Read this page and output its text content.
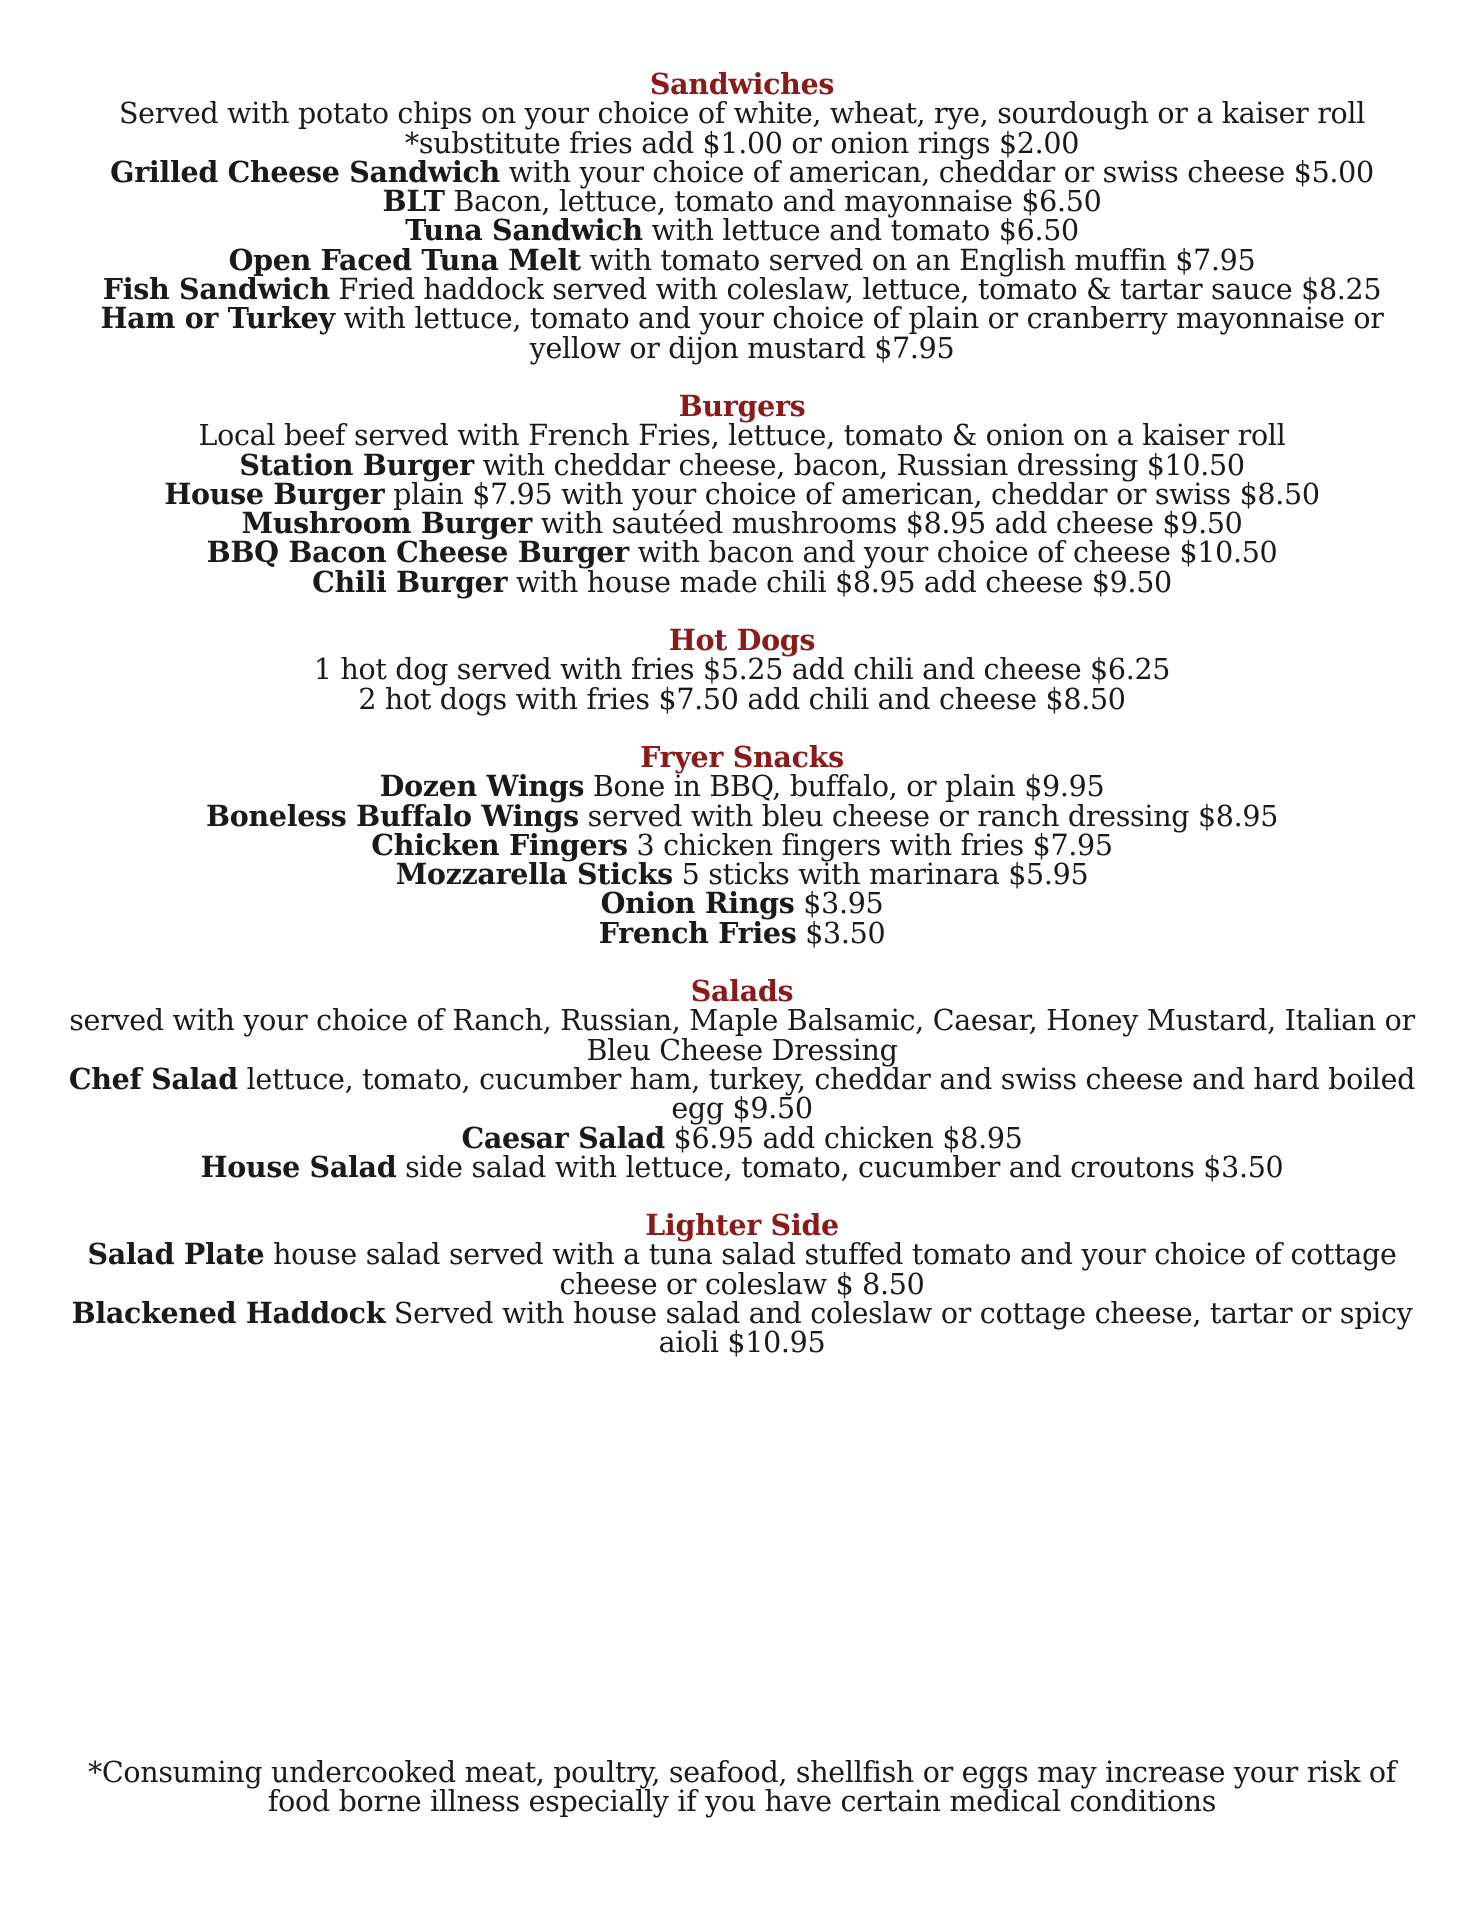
Sandwiches
Served with potato chips on your choice of white, wheat, rye, sourdough or a kaiser roll
*substitute fries add $1.00 or onion rings $2.00
Grilled Cheese Sandwich with your choice of american, cheddar or swiss cheese $5.00
BLT Bacon, lettuce, tomato and mayonnaise $6.50
Tuna Sandwich with lettuce and tomato $6.50
Open Faced Tuna Melt with tomato served on an English muffin $7.95
Fish Sandwich Fried haddock served with coleslaw, lettuce, tomato & tartar sauce $8.25
Ham or Turkey with lettuce, tomato and your choice of plain or cranberry mayonnaise or yellow or dijon mustard $7.95
Burgers
Local beef served with French Fries, lettuce, tomato & onion on a kaiser roll
Station Burger with cheddar cheese, bacon, Russian dressing $10.50
House Burger plain $7.95 with your choice of american, cheddar or swiss $8.50
Mushroom Burger with sautéed mushrooms $8.95 add cheese $9.50
BBQ Bacon Cheese Burger with bacon and your choice of cheese $10.50
Chili Burger with house made chili $8.95 add cheese $9.50
Hot Dogs
1 hot dog served with fries $5.25 add chili and cheese $6.25
2 hot dogs with fries $7.50 add chili and cheese $8.50
Fryer Snacks
Dozen Wings Bone in BBQ, buffalo, or plain $9.95
Boneless Buffalo Wings served with bleu cheese or ranch dressing $8.95
Chicken Fingers 3 chicken fingers with fries $7.95
Mozzarella Sticks 5 sticks with marinara $5.95
Onion Rings $3.95
French Fries $3.50
Salads
served with your choice of Ranch, Russian, Maple Balsamic, Caesar, Honey Mustard, Italian or Bleu Cheese Dressing
Chef Salad lettuce, tomato, cucumber ham, turkey, cheddar and swiss cheese and hard boiled egg $9.50
Caesar Salad $6.95 add chicken $8.95
House Salad side salad with lettuce, tomato, cucumber and croutons $3.50
Lighter Side
Salad Plate house salad served with a tuna salad stuffed tomato and your choice of cottage cheese or coleslaw $ 8.50
Blackened Haddock Served with house salad and coleslaw or cottage cheese, tartar or spicy aioli $10.95
*Consuming undercooked meat, poultry, seafood, shellfish or eggs may increase your risk of food borne illness especially if you have certain medical conditions
